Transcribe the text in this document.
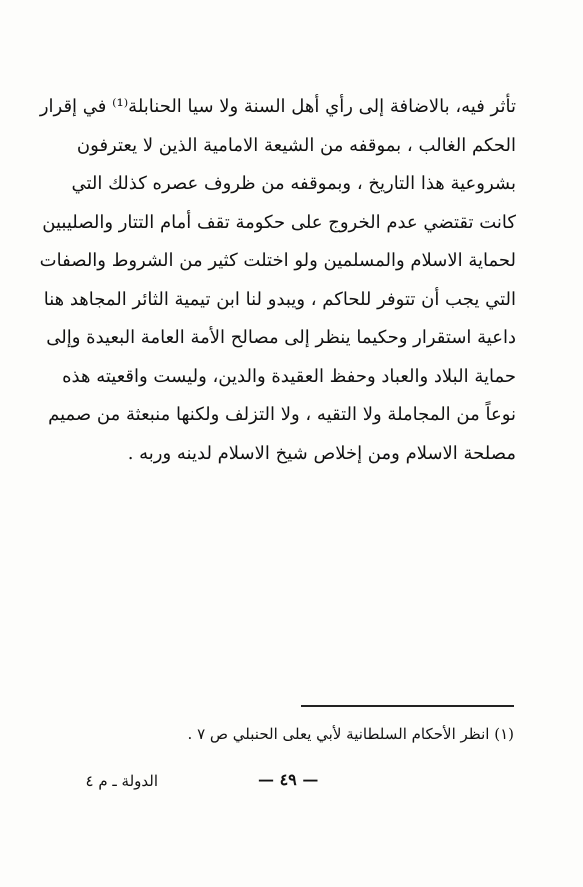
تأثر فيه، بالاضافة إلى رأي أهل السنة ولا سيا الحنابلة⁽¹⁾ في إقرار
الحكم الغالب ، بموقفه من الشيعة الامامية الذين لا يعترفون
بشروعية هذا التاريخ ، وبموقفه من ظروف عصره كذلك التي
كانت تقتضي عدم الخروج على حكومة تقف أمام التتار والصليبين
لحماية الاسلام والمسلمين ولو اختلت كثير من الشروط والصفات
التي يجب أن تتوفر للحاكم ، ويبدو لنا ابن تيمية الثائر المجاهد هنا
داعية استقرار وحكيما ينظر إلى مصالح الأمة العامة البعيدة وإلى
حماية البلاد والعباد وحفظ العقيدة والدين، وليست واقعيته هذه
نوعاً من المجاملة ولا التقيه ، ولا التزلف ولكنها منبعثة من صميم
مصلحة الاسلام ومن إخلاص شيخ الاسلام لدينه وربه .
(١) انظر الأحكام السلطانية لأبي يعلى الحنبلي ص ٧ .
— ٤٩ —
الدولة ـ م ٤
